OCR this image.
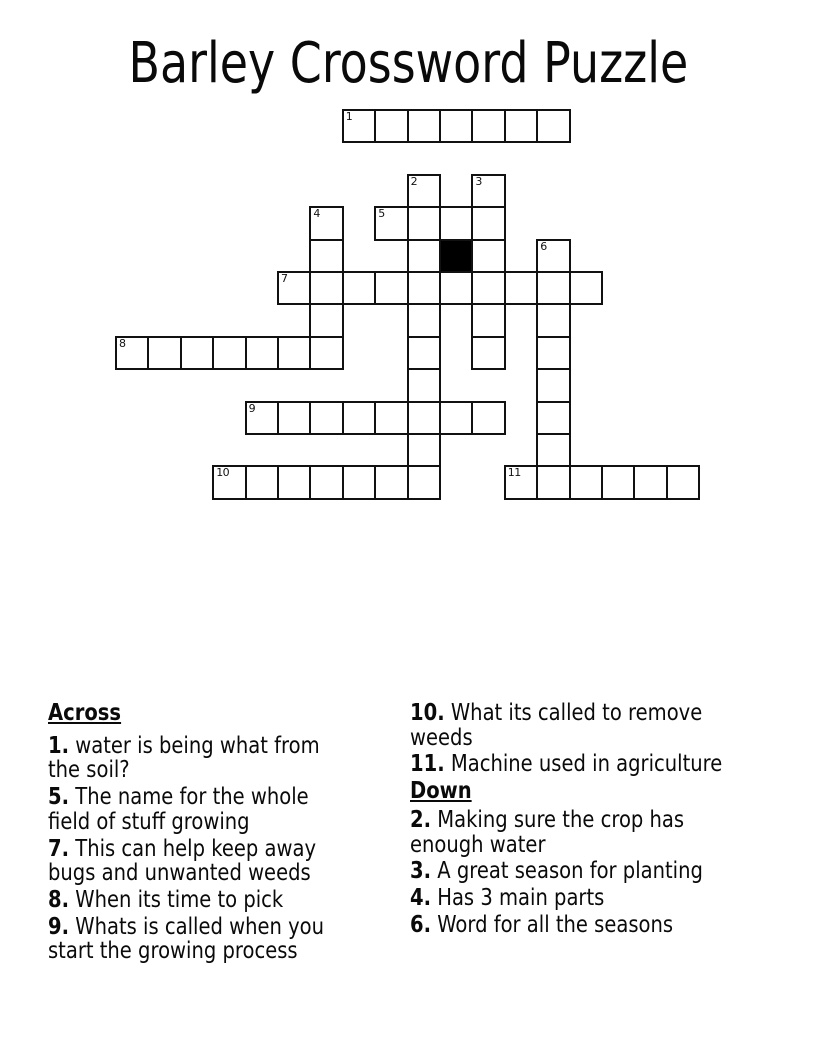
Barley Crossword Puzzle
1
2	3
4	5
6
7
8
9
10	11
Across

1. water is being what from the soil?

5. The name for the whole field of stuff growing

7. This can help keep away bugs and unwanted weeds

8. When its time to pick

9. Whats is called when you start the growing process

10. What its called to remove weeds

11. Machine used in agriculture

Down

2. Making sure the crop has enough water

3. A great season for planting

4. Has 3 main parts

6. Word for all the seasons
